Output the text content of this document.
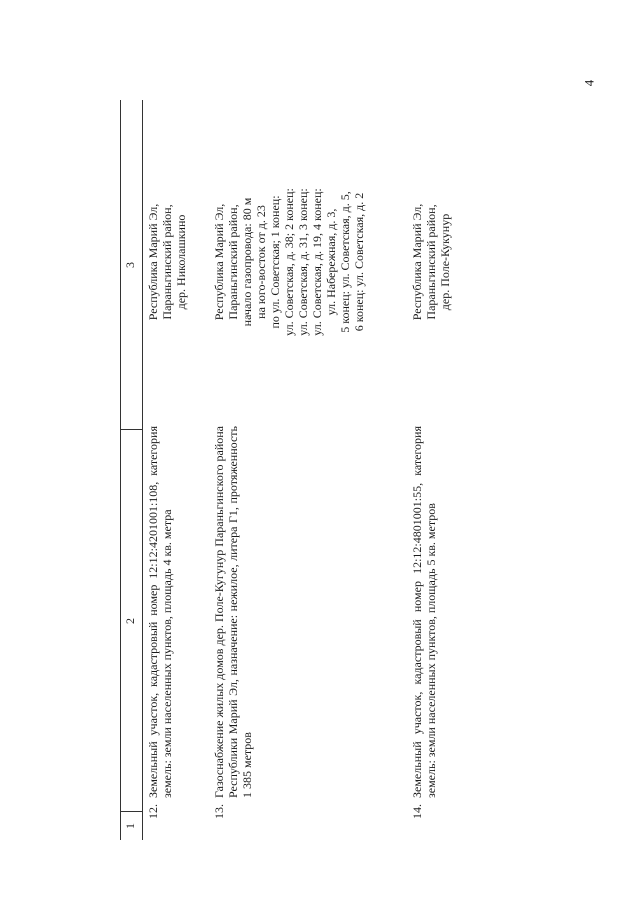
4
1
2
3
12.
Земельный участок, кадастровый номер 12:12:4201001:108, категория земель: земли населенных пунктов, площадь 4 кв. метра
Республика Марий Эл, Параньгинский район, дер. Николашкино
13.
Газоснабжение жилых домов дер. Поле-Кугунур Параньгинского района Республики Марий Эл, назначение: нежилое, литера Г1, протяженность 1 385 метров
Республика Марий Эл, Параньгинский район, начало газопровода: 80 м на юго-восток от д. 23 по ул. Советская; 1 конец: ул. Советская, д. 38; 2 конец: ул. Советская, д. 31, 3 конец: ул. Советская, д. 19, 4 конец: ул. Набережная, д. 3, 5 конец: ул. Советская, д. 5, 6 конец: ул. Советская, д. 2
14.
Земельный участок, кадастровый номер 12:12:4801001:55, категория земель: земли населенных пунктов, площадь 5 кв. метров
Республика Марий Эл, Параньгинский район, дер. Поле-Кукунур
